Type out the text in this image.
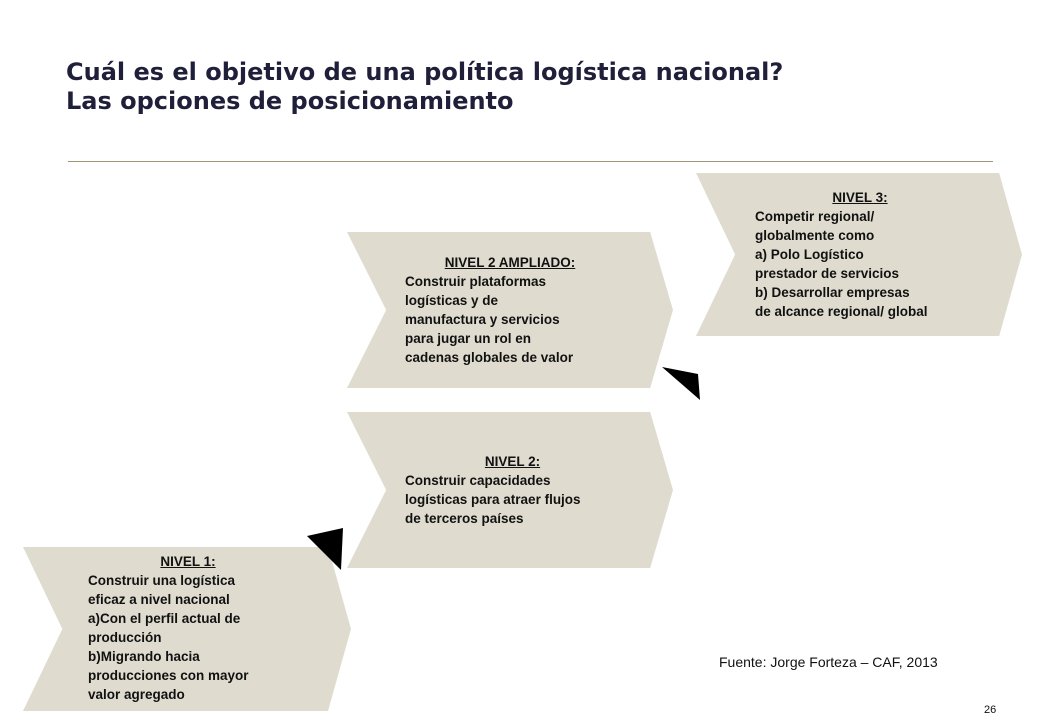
Cuál es el objetivo de una política logística nacional?
Las opciones de posicionamiento
NIVEL 1:
Construir una logística
eficaz a nivel nacional
a)Con el perfil actual de
producción
b)Migrando hacia
producciones con mayor
valor agregado
NIVEL 2:
Construir capacidades
logísticas para atraer flujos
de terceros países
NIVEL 2 AMPLIADO:
Construir plataformas
logísticas y de
manufactura y servicios
para jugar un rol en
cadenas globales de valor
NIVEL 3:
Competir regional/
globalmente como
a) Polo Logístico
prestador de servicios
b) Desarrollar empresas
de alcance regional/ global
Fuente: Jorge Forteza – CAF, 2013
26
